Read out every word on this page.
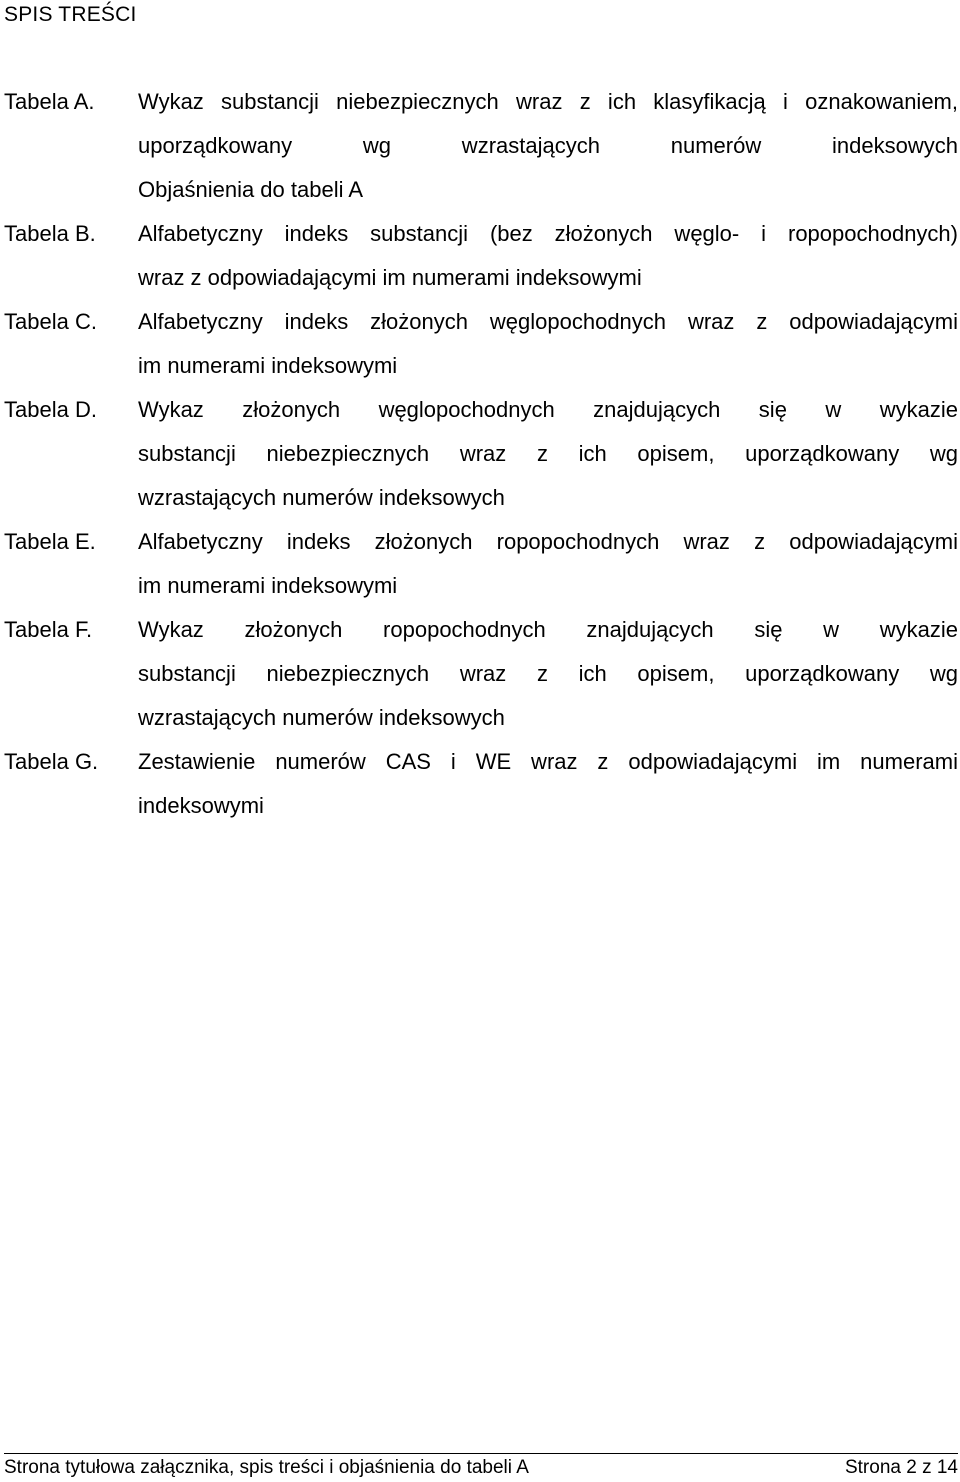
SPIS TREŚCI
Tabela A. Wykaz substancji niebezpiecznych wraz z ich klasyfikacją i oznakowaniem,
uporządkowany wg wzrastających numerów indeksowych
Objaśnienia do tabeli A
Tabela B. Alfabetyczny indeks substancji (bez złożonych węglo- i ropopochodnych)
wraz z odpowiadającymi im numerami indeksowymi
Tabela C. Alfabetyczny indeks złożonych węglopochodnych wraz z odpowiadającymi
im numerami indeksowymi
Tabela D. Wykaz złożonych węglopochodnych znajdujących się w wykazie
substancji niebezpiecznych wraz z ich opisem, uporządkowany wg
wzrastających numerów indeksowych
Tabela E. Alfabetyczny indeks złożonych ropopochodnych wraz z odpowiadającymi
im numerami indeksowymi
Tabela F. Wykaz złożonych ropopochodnych znajdujących się w wykazie
substancji niebezpiecznych wraz z ich opisem, uporządkowany wg
wzrastających numerów indeksowych
Tabela G. Zestawienie numerów CAS i WE wraz z odpowiadającymi im numerami
indeksowymi
Strona tytułowa załącznika, spis treści i objaśnienia do tabeli A	Strona 2 z 14
